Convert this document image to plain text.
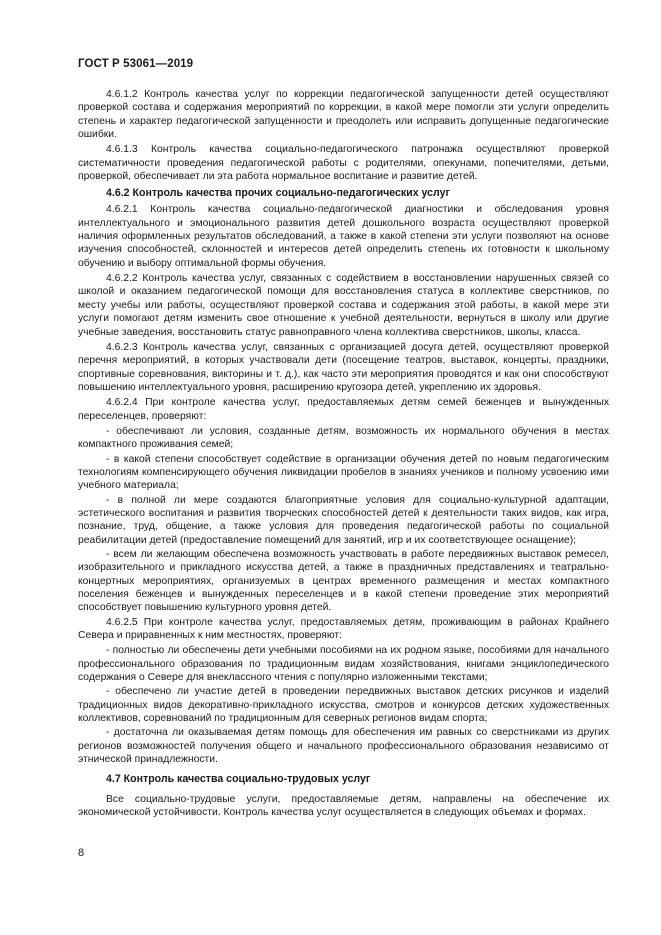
ГОСТ Р 53061—2019

4.6.1.2 Контроль качества услуг по коррекции педагогической запущенности детей осуществляют проверкой состава и содержания мероприятий по коррекции, в какой мере помогли эти услуги определить степень и характер педагогической запущенности и преодолеть или исправить допущенные педагогические ошибки.

4.6.1.3 Контроль качества социально-педагогического патронажа осуществляют проверкой систематичности проведения педагогической работы с родителями, опекунами, попечителями, детьми, проверкой, обеспечивает ли эта работа нормальное воспитание и развитие детей.

4.6.2 Контроль качества прочих социально-педагогических услуг

4.6.2.1 Контроль качества социально-педагогической диагностики и обследования уровня интеллектуального и эмоционального развития детей дошкольного возраста осуществляют проверкой наличия оформленных результатов обследований, а также в какой степени эти услуги позволяют на основе изучения способностей, склонностей и интересов детей определить степень их готовности к школьному обучению и выбору оптимальной формы обучения.

4.6.2.2 Контроль качества услуг, связанных с содействием в восстановлении нарушенных связей со школой и оказанием педагогической помощи для восстановления статуса в коллективе сверстников, по месту учебы или работы, осуществляют проверкой состава и содержания этой работы, в какой мере эти услуги помогают детям изменить свое отношение к учебной деятельности, вернуться в школу или другие учебные заведения, восстановить статус равноправного члена коллектива сверстников, школы, класса.

4.6.2.3 Контроль качества услуг, связанных с организацией досуга детей, осуществляют проверкой перечня мероприятий, в которых участвовали дети (посещение театров, выставок, концерты, праздники, спортивные соревнования, викторины и т. д.), как часто эти мероприятия проводятся и как они способствуют повышению интеллектуального уровня, расширению кругозора детей, укреплению их здоровья.

4.6.2.4 При контроле качества услуг, предоставляемых детям семей беженцев и вынужденных переселенцев, проверяют:

- обеспечивают ли условия, созданные детям, возможность их нормального обучения в местах компактного проживания семей;

- в какой степени способствует содействие в организации обучения детей по новым педагогическим технологиям компенсирующего обучения ликвидации пробелов в знаниях учеников и полному усвоению ими учебного материала;

- в полной ли мере создаются благоприятные условия для социально-культурной адаптации, эстетического воспитания и развития творческих способностей детей к деятельности таких видов, как игра, познание, труд, общение, а также условия для проведения педагогической работы по социальной реабилитации детей (предоставление помещений для занятий, игр и их соответствующее оснащение);

- всем ли желающим обеспечена возможность участвовать в работе передвижных выставок ремесел, изобразительного и прикладного искусства детей, а также в праздничных представлениях и театрально-концертных мероприятиях, организуемых в центрах временного размещения и местах компактного поселения беженцев и вынужденных переселенцев и в какой степени проведение этих мероприятий способствует повышению культурного уровня детей.

4.6.2.5 При контроле качества услуг, предоставляемых детям, проживающим в районах Крайнего Севера и приравненных к ним местностях, проверяют:

- полностью ли обеспечены дети учебными пособиями на их родном языке, пособиями для начального профессионального образования по традиционным видам хозяйствования, книгами энциклопедического содержания о Севере для внеклассного чтения с популярно изложенными текстами;

- обеспечено ли участие детей в проведении передвижных выставок детских рисунков и изделий традиционных видов декоративно-прикладного искусства, смотров и конкурсов детских художественных коллективов, соревнований по традиционным для северных регионов видам спорта;

- достаточна ли оказываемая детям помощь для обеспечения им равных со сверстниками из других регионов возможностей получения общего и начального профессионального образования независимо от этнической принадлежности.

4.7 Контроль качества социально-трудовых услуг

Все социально-трудовые услуги, предоставляемые детям, направлены на обеспечение их экономической устойчивости. Контроль качества услуг осуществляется в следующих объемах и формах.

8
